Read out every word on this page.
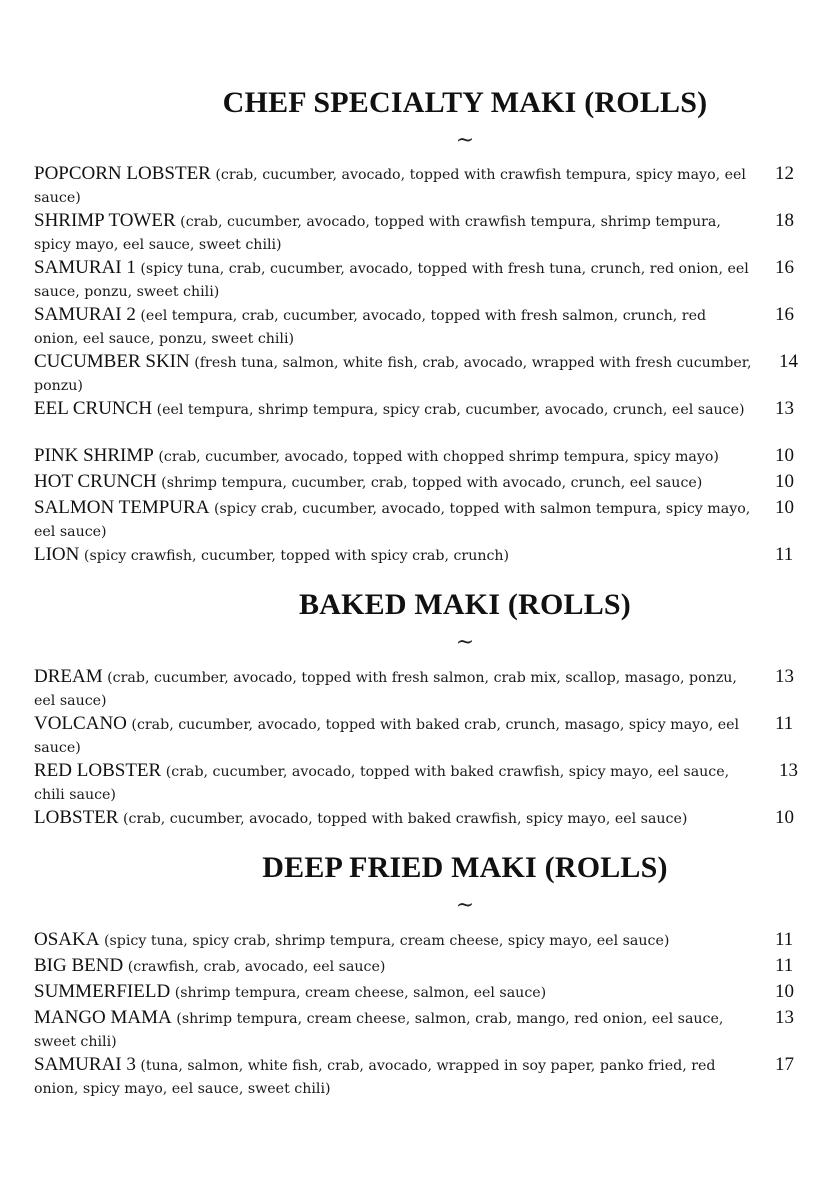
CHEF SPECIALTY MAKI (ROLLS)
~
POPCORN LOBSTER (crab, cucumber, avocado, topped with crawfish tempura, spicy mayo, eel sauce)
12
SHRIMP TOWER (crab, cucumber, avocado, topped with crawfish tempura, shrimp tempura, spicy mayo, eel sauce, sweet chili)
18
SAMURAI 1 (spicy tuna, crab, cucumber, avocado, topped with fresh tuna, crunch, red onion, eel sauce, ponzu, sweet chili)
16
SAMURAI 2 (eel tempura, crab, cucumber, avocado, topped with fresh salmon, crunch, red onion, eel sauce, ponzu, sweet chili)
16
CUCUMBER SKIN (fresh tuna, salmon, white fish, crab, avocado, wrapped with fresh cucumber, ponzu)
14
EEL CRUNCH (eel tempura, shrimp tempura, spicy crab, cucumber, avocado, crunch, eel sauce)	13
PINK SHRIMP (crab, cucumber, avocado, topped with chopped shrimp tempura, spicy mayo)	10
HOT CRUNCH (shrimp tempura, cucumber, crab, topped with avocado, crunch, eel sauce)	10
SALMON TEMPURA (spicy crab, cucumber, avocado, topped with salmon tempura, spicy mayo, eel sauce)
10
LION (spicy crawfish, cucumber, topped with spicy crab, crunch)	11
BAKED MAKI (ROLLS)
~
DREAM (crab, cucumber, avocado, topped with fresh salmon, crab mix, scallop, masago, ponzu, eel sauce)
13
VOLCANO (crab, cucumber, avocado, topped with baked crab, crunch, masago, spicy mayo, eel sauce)
11
RED LOBSTER (crab, cucumber, avocado, topped with baked crawfish, spicy mayo, eel sauce, chili sauce)
13
LOBSTER (crab, cucumber, avocado, topped with baked crawfish, spicy mayo, eel sauce)	10
DEEP FRIED MAKI (ROLLS)
~
OSAKA (spicy tuna, spicy crab, shrimp tempura, cream cheese, spicy mayo, eel sauce)	11
BIG BEND (crawfish, crab, avocado, eel sauce)	11
SUMMERFIELD (shrimp tempura, cream cheese, salmon, eel sauce)	10
MANGO MAMA (shrimp tempura, cream cheese, salmon, crab, mango, red onion, eel sauce, sweet chili)
13
SAMURAI 3 (tuna, salmon, white fish, crab, avocado, wrapped in soy paper, panko fried, red onion, spicy mayo, eel sauce, sweet chili)
17
